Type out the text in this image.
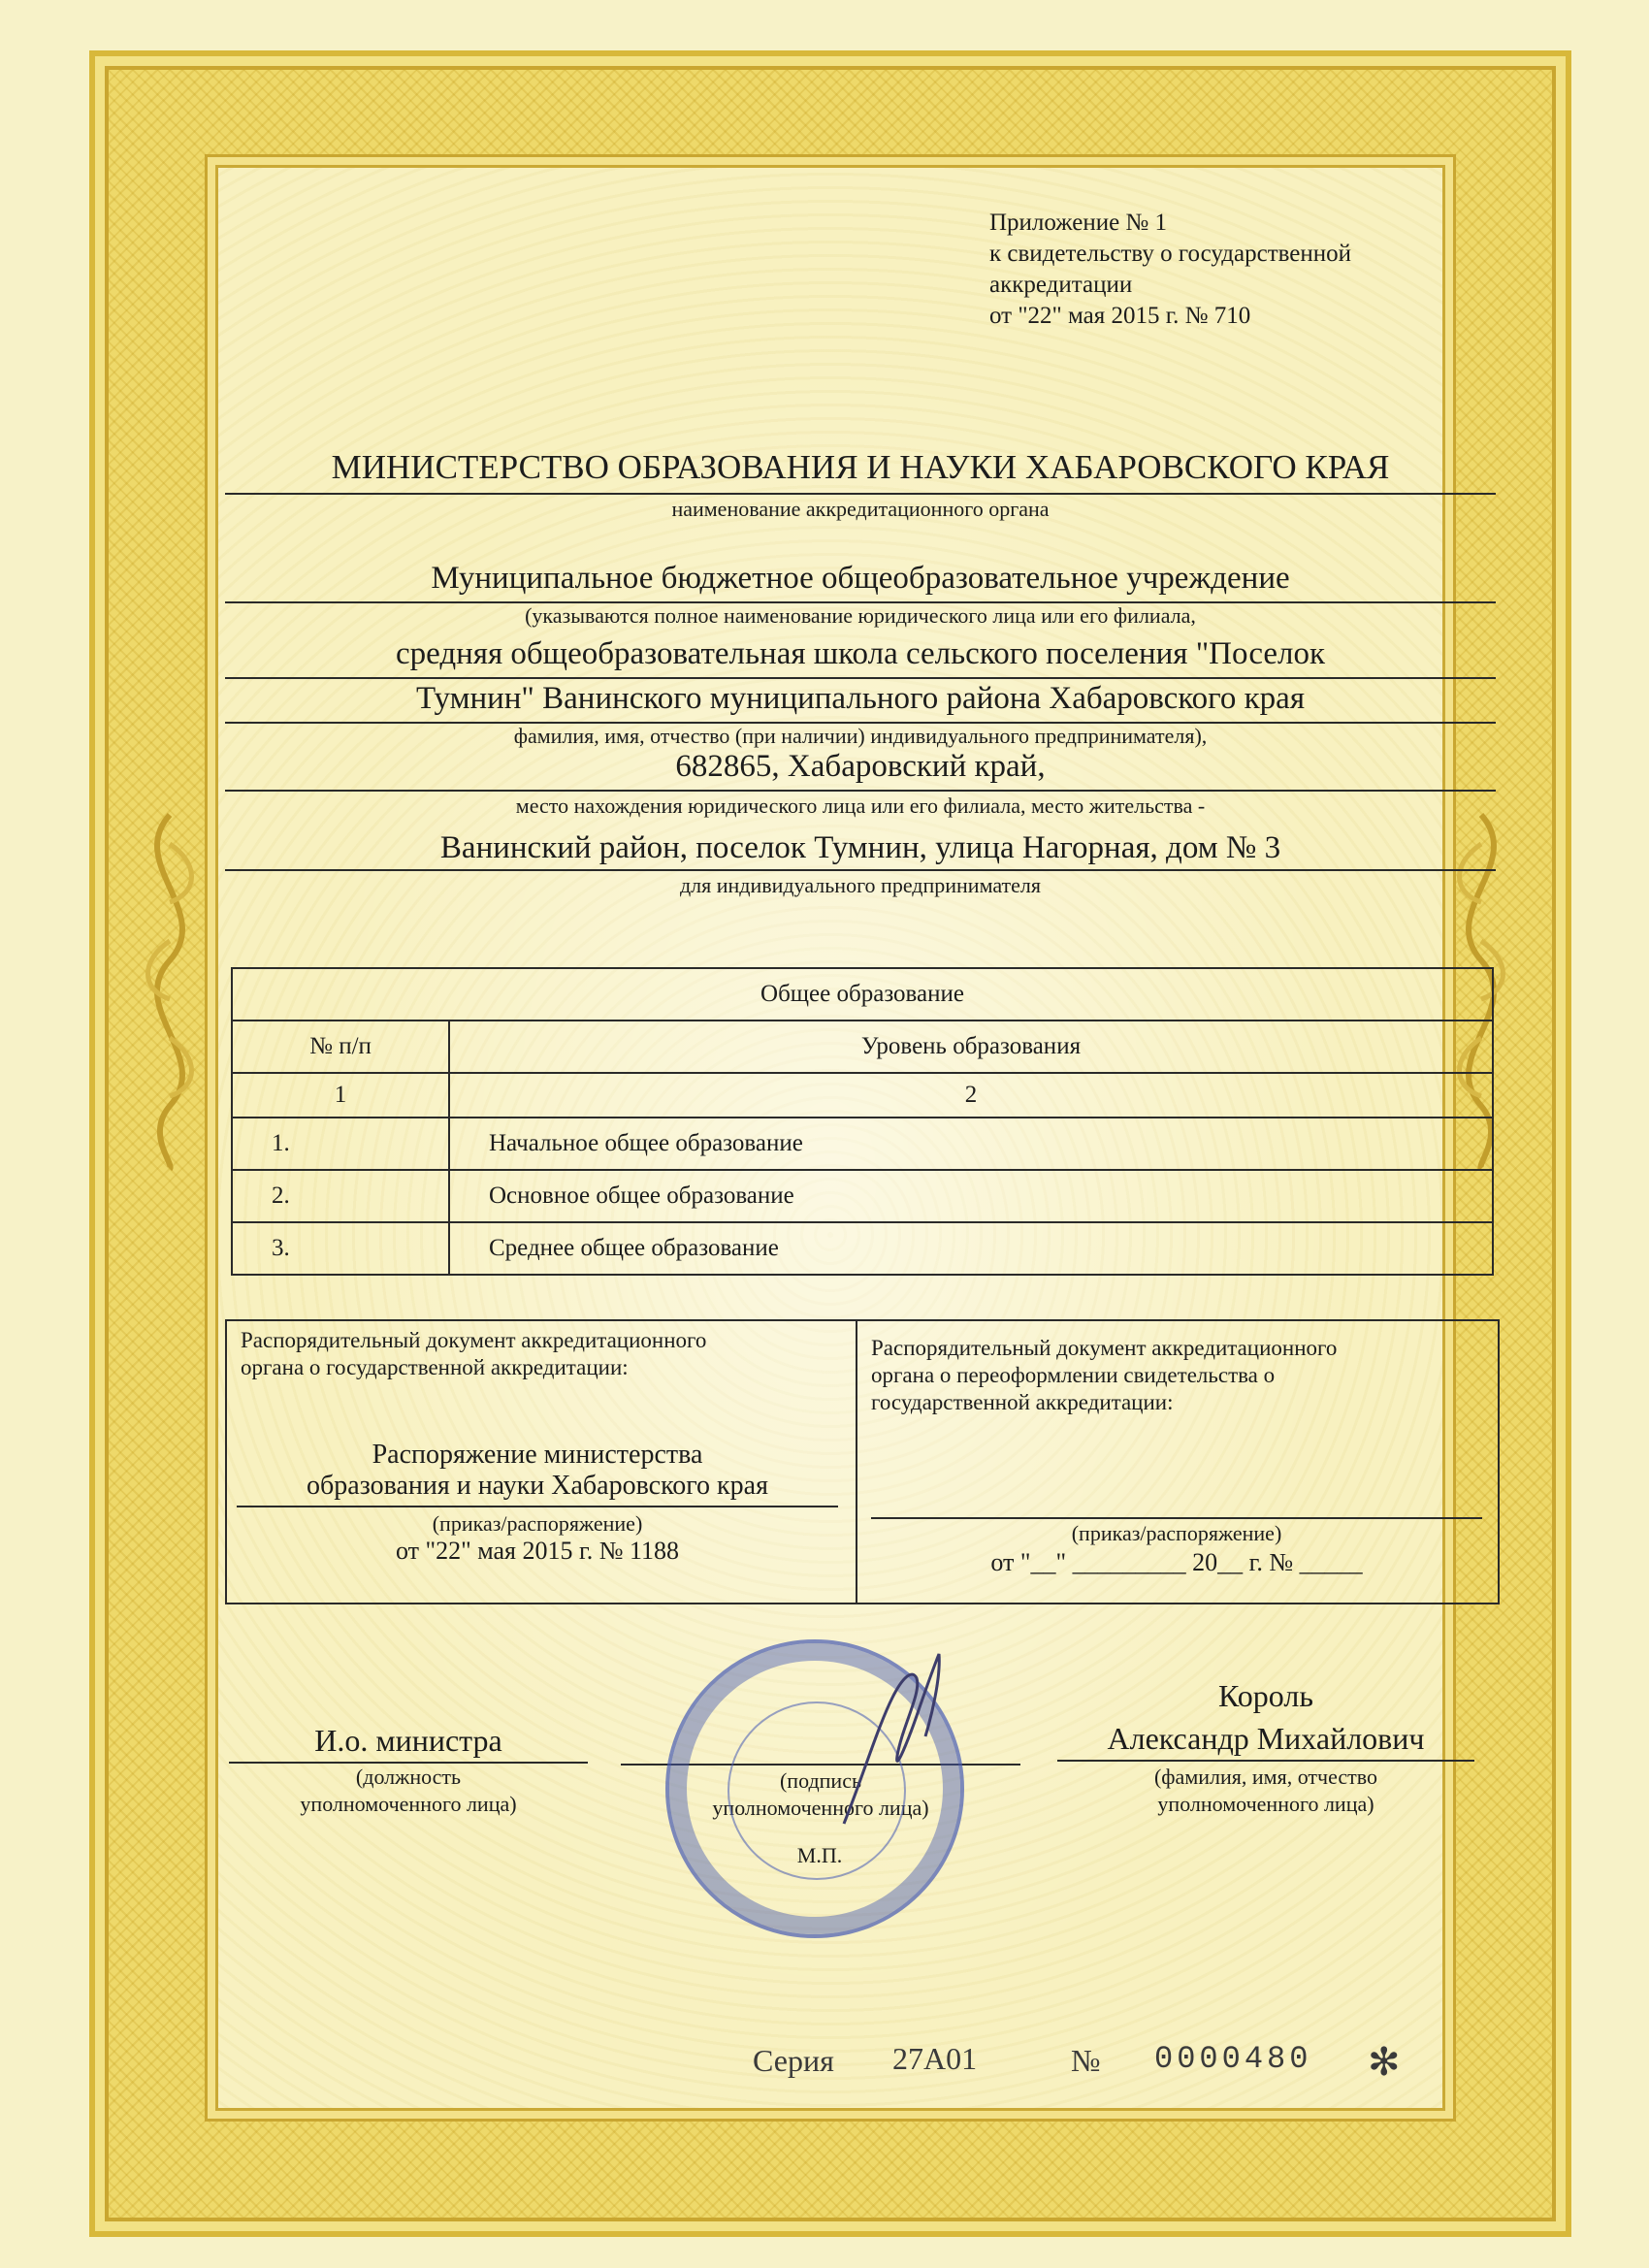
Приложение № 1
к свидетельству о государственной
аккредитации
от "22" мая 2015 г. № 710
МИНИСТЕРСТВО ОБРАЗОВАНИЯ И НАУКИ ХАБАРОВСКОГО КРАЯ
наименование аккредитационного органа
Муниципальное бюджетное общеобразовательное учреждение
(указываются полное наименование юридического лица или его филиала,
средняя общеобразовательная школа сельского поселения "Поселок
Тумнин" Ванинского муниципального района Хабаровского края
фамилия, имя, отчество (при наличии) индивидуального предпринимателя),
682865, Хабаровский край,
место нахождения юридического лица или его филиала, место жительства -
Ванинский район, поселок Тумнин, улица Нагорная, дом № 3
для индивидуального предпринимателя
Общее образование	
№ п/п	Уровень образования
1	2
1.	Начальное общее образование
2.	Основное общее образование
3.	Среднее общее образование
Распорядительный документ аккредитационного
органа о государственной аккредитации:
Распоряжение министерства
образования и науки Хабаровского края
(приказ/распоряжение)
от "22" мая 2015 г. № 1188
Распорядительный документ аккредитационного
органа о переоформлении свидетельства о
государственной аккредитации:
(приказ/распоряжение)
от "__" _________ 20__ г. № _____
И.о. министра
(должность
уполномоченного лица)
(подпись
уполномоченного лица)
М.П.
Король
Александр Михайлович
(фамилия, имя, отчество
уполномоченного лица)
Серия 27А01	№ 0000480 ✻
